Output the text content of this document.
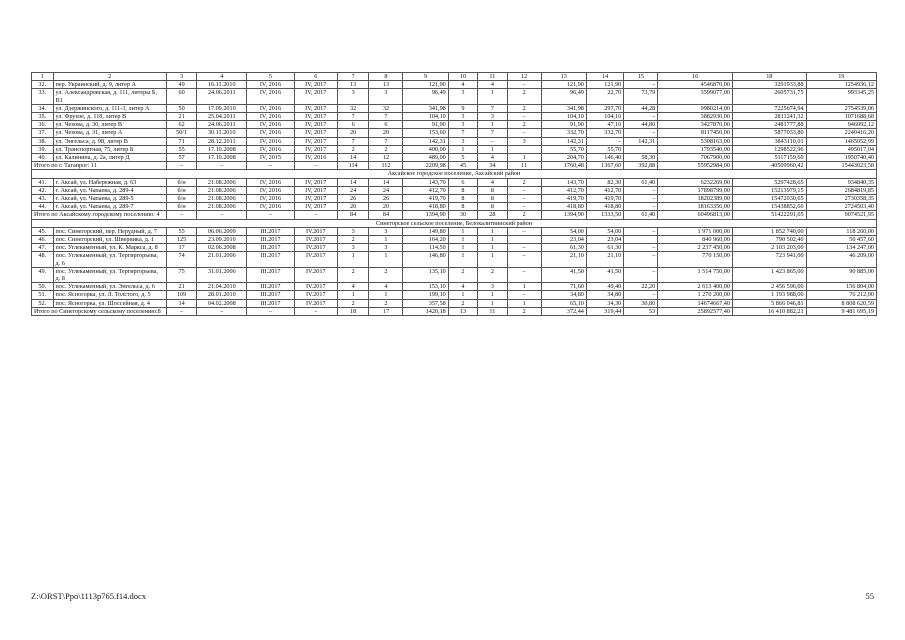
1	2	3	4	5	6	7	8	9	10	11	12	13	14	15	16	18	19
32.	пер. Украинский, д. 9, литер А	49	16.11.2010	IV, 2016	IV, 2017	13	13	121,90	4	4	–	121,90	121,90	–	4546870,00	3291933,88	1254936,12
33.	ул. Александровская, д. 111, литеры Б, В1	60	24.06.2011	IV, 2016	IV, 2017	3	3	96,49	3	1	2	96,49	22,70	73,79	3599077,00	2605731,75	993345,25
34.	ул. Дзержинского, д. 111-3, литер А	50	17.09.2010	IV, 2016	IV, 2017	32	32	341,98	9	7	2	341,98	297,70	44,28	9980214,00	7225674,94	2754539,06
35.	ул. Фрунзе, д. 118, литер В	21	25.04.2011	IV, 2016	IV, 2017	7	7	104,10	3	3	–	104,10	104,10	–	3882930,00	2811241,32	1071688,68
36.	ул. Чехова, д. 30, литер В	62	24.06.2011	IV, 2016	IV, 2017	6	6	91,90	3	1	2	91,90	47,10	44,80	3427870,00	2481777,88	946092,12
37.	ул. Чехова, д. 31, литер А	50/1	30.11.2010	IV, 2016	IV, 2017	20	20	153,60	7	7	–	332,70	332,70	–	8117450,00	5877033,80	2240416,20
38.	ул. Энгельса, д. 98, литер В	71	28.12.2011	IV, 2016	IV, 2017	7	7	142,31	3	–	3	142,31	–	142,31	5308163,00	3843110,01	1465052,99
39.	ул. Транспортная, 75, литер Б	55	17.10.2008	IV, 2016	IV, 2017	2	2	400,00	1	1		55,70	55,70		1793540,00	1298522,96	495017,04
40.	ул. Калинина, д. 2а, литер Д	57	17.10.2008	IV, 2015	IV, 2016	14	12	489,00	5	4	1	204,70	146,40	58,30	7067900,00	5117159,60	1950740,40
Итого по г. Таганрог: 11		–	–	–	–	114	112	2209,98	45	34	11	1760,48	1367,60	392,88	55952984,00	40509960,42	15443023,58
Аксайское городское поселение, Аксайский район																	
41.	г. Аксай, ул. Набережная, д. 63	б/н	21.08.2006	IV, 2016	IV, 2017	14	14	143,70	6	4	2	143,70	82,30	61,40	6232269,00	5297428,65	934840,35
42.	г. Аксай, ул. Чапаева, д. 289-4	б/н	21.08.2006	IV, 2016	IV, 2017	24	24	412,70	8	8	–	412,70	412,70	–	17898799,00	15213979,15	2684819,85
43.	г. Аксай, ул. Чапаева, д. 289-5	б/н	21.08.2006	IV, 2016	IV, 2017	26	26	419,70	8	8	–	419,70	419,70	–	18202389,00	15472030,65	2730358,35
44.	г. Аксай, ул. Чапаева, д. 289-7	б/н	21.08.2006	IV, 2016	IV, 2017	20	20	418,80	8	8	–	418,80	418,80	–	18163356,00	15438852,60	2724503,40
Итого по Аксайскому городскому поселению: 4		–	–	–	–	84	84	1394,90	30	28	2	1394,90	1333,50	61,40	60496813,00	51422291,05	9074521,95
Синегорское сельское поселение, Белокалитвинский район																	
45.	пос. Синегорский, пер. Нерудный, д. 7	55	06.06.2009	III.2017	IV.2017	3	3	149,80	1	1	–	54,00	54,00	–	1 971 000,00	1 852 740,00	118 260,00
46.	пос. Синегорский, ул. Шверника, д. 1	125	23.09.2010	III.2017	IV.2017	2	1	164,20	1	1		23,04	23,04		840 960,00	790 502,40	50 457,60
47.	пос. Углекаменный, ул. К. Маркса, д. 8	17	02.06.2008	III.2017	IV.2017	3	3	114,50	1	1	–	61,30	61,30	–	2 237 450,00	2 103 203,00	134 247,00
48.	пос. Углекаменный, ул. Тергиргорьева, д. 6	74	21.01.2006	III.2017	IV.2017	1	1	146,80	1	1	–	21,10	21,10	–	770 150,00	723 941,00	46 209,00
49.	пос. Углекаменный, ул. Тергиргорьева, д. 8	75	31.01.2006	III.2017	IV.2017	2	2	135,10	2	2	–	41,50	41,50	–	1 514 750,00	1 423 865,00	90 885,00
50.	пос. Углекаменный, ул. Энгельса, д. 6	21	21.04.2010	III.2017	IV.2017	4	4	153,10	4	3	1	71,60	49,40	22,20	2 613 400,00	2 456 596,00	156 804,00
51.	пос. Ясногорка, ул. Л. Толстого, д. 5	109	28.01.2010	III.2017	IV.2017	1	1	199,10	1	1	–	34,80	34,80	–	1 270 200,00	1 193 988,00	76 212,00
52.	пос. Ясногорка, ул. Шоссейная, д. 4	14	04.02.2008	III.2017	IV.2017	2	2	357,58	2	1	1	65,10	34,30	30,80	14674667,40	5 866 046,81	8 808 620,59
Итого по Синегорскому сельскому поселению:8		–	–	–	–	18	17	1420,18	13	11	2	372,44	319,44	53	25892577,40	16 410 882,21	9 481 695,19
Z:\ORST\Ppo\1113p765.f14.docx	55
